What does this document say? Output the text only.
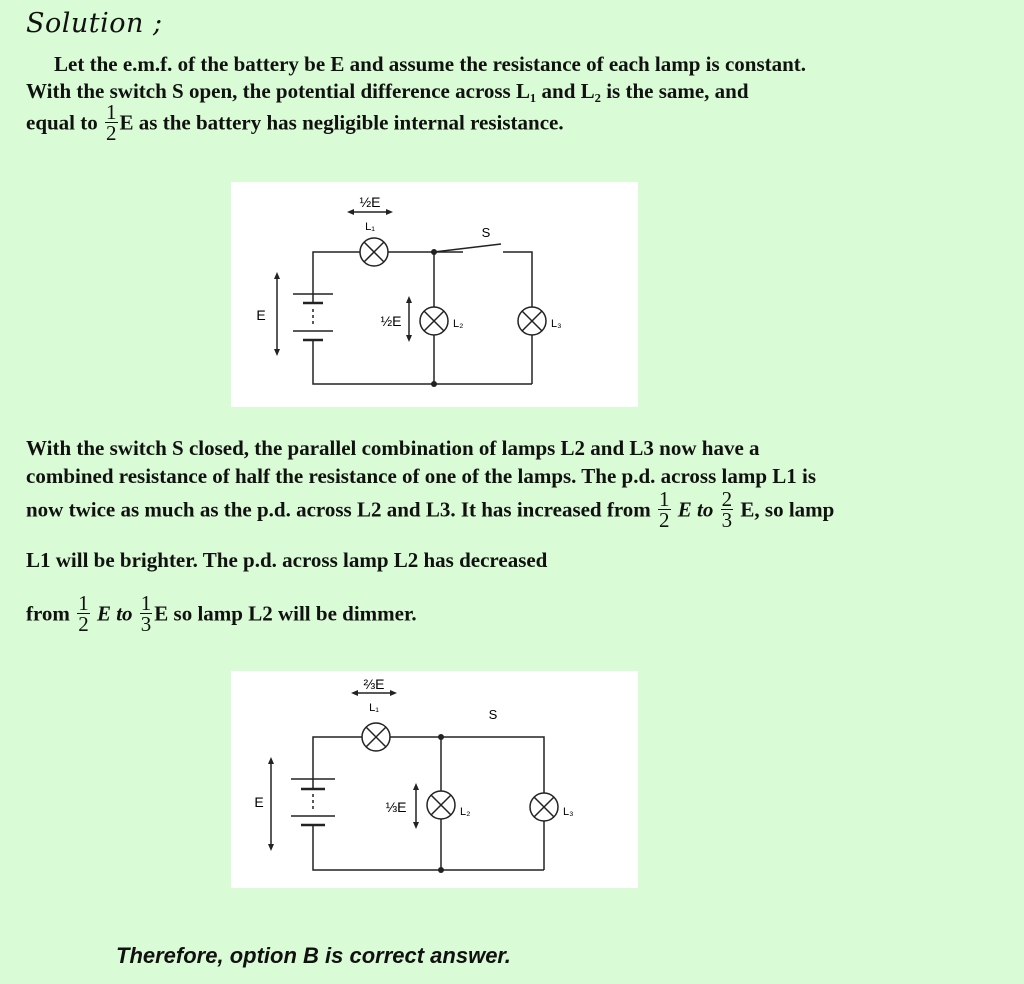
Solution ;
Let the e.m.f. of the battery be E and assume the resistance of each lamp is constant.
With the switch S open, the potential difference across L₁ and L₂ is the same, and
equal to $\frac{1}{2}$ E as the battery has negligible internal resistance.
½E
L₁	S
E	½E	L₂	L₃
With the switch S closed, the parallel combination of lamps L2 and L3 now have a
combined resistance of half the resistance of one of the lamps. The p.d. across lamp L1 is
now twice as much as the p.d. across L2 and L3. It has increased from $\frac{1}{2}$ E to $\frac{2}{3} E$, so lamp
L1 will be brighter. The p.d. across lamp L2 has decreased
from $\frac{1}{2}$ E to $\frac{1}{3}$ E so lamp L2 will be dimmer.
⅔E
L₁	S
E	⅓E	L₂	L₃
Therefore, option B is correct answer.
